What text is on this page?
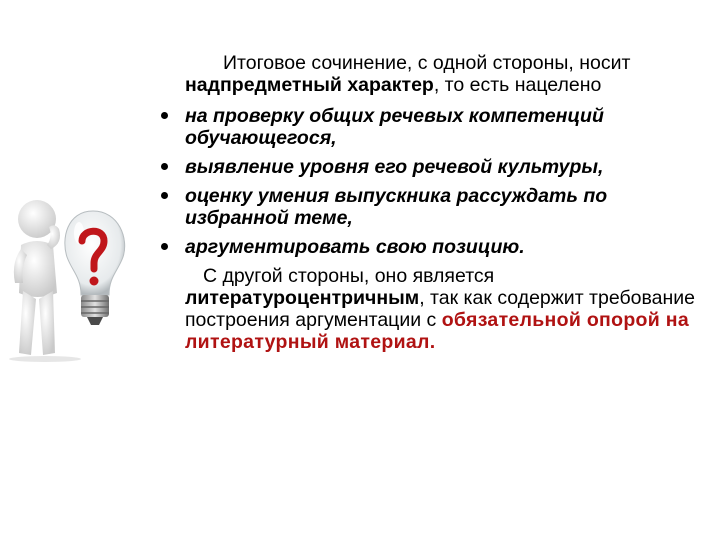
Итоговое сочинение, с одной стороны, носит надпредметный характер, то есть нацелено

на проверку общих речевых компетенций обучающегося,
выявление уровня его речевой культуры,
оценку умения выпускника рассуждать по избранной теме,
аргументировать свою позицию.

С другой стороны, оно является литературоцентричным, так как содержит требование построения аргументации с обязательной опорой на литературный материал.
